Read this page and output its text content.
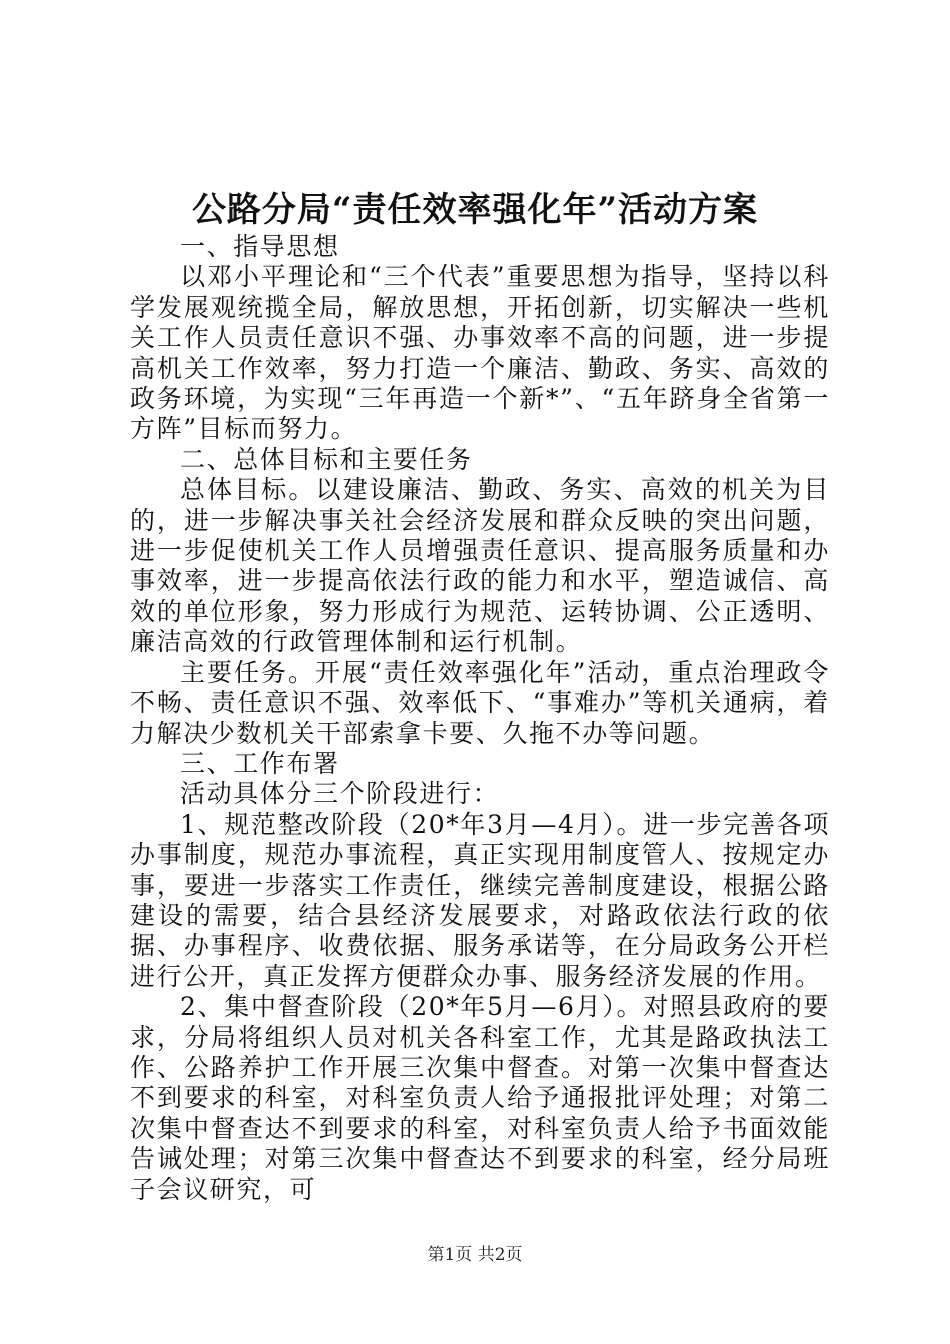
公路分局“责任效率强化年”活动方案

一、指导思想

以邓小平理论和“三个代表”重要思想为指导，坚持以科学发展观统揽全局，解放思想，开拓创新，切实解决一些机关工作人员责任意识不强、办事效率不高的问题，进一步提高机关工作效率，努力打造一个廉洁、勤政、务实、高效的政务环境，为实现“三年再造一个新*”、“五年跻身全省第一方阵”目标而努力。

二、总体目标和主要任务

总体目标。以建设廉洁、勤政、务实、高效的机关为目的，进一步解决事关社会经济发展和群众反映的突出问题，进一步促使机关工作人员增强责任意识、提高服务质量和办事效率，进一步提高依法行政的能力和水平，塑造诚信、高效的单位形象，努力形成行为规范、运转协调、公正透明、廉洁高效的行政管理体制和运行机制。

主要任务。开展“责任效率强化年”活动，重点治理政令不畅、责任意识不强、效率低下、“事难办”等机关通病，着力解决少数机关干部索拿卡要、久拖不办等问题。

三、工作布署

活动具体分三个阶段进行：

1、规范整改阶段（20*年3月—4月）。进一步完善各项办事制度，规范办事流程，真正实现用制度管人、按规定办事，要进一步落实工作责任，继续完善制度建设，根据公路建设的需要，结合县经济发展要求，对路政依法行政的依据、办事程序、收费依据、服务承诺等，在分局政务公开栏进行公开，真正发挥方便群众办事、服务经济发展的作用。

2、集中督查阶段（20*年5月—6月）。对照县政府的要求，分局将组织人员对机关各科室工作，尤其是路政执法工作、公路养护工作开展三次集中督查。对第一次集中督查达不到要求的科室，对科室负责人给予通报批评处理；对第二次集中督查达不到要求的科室，对科室负责人给予书面效能告诫处理；对第三次集中督查达不到要求的科室，经分局班子会议研究，可

第1页 共2页
